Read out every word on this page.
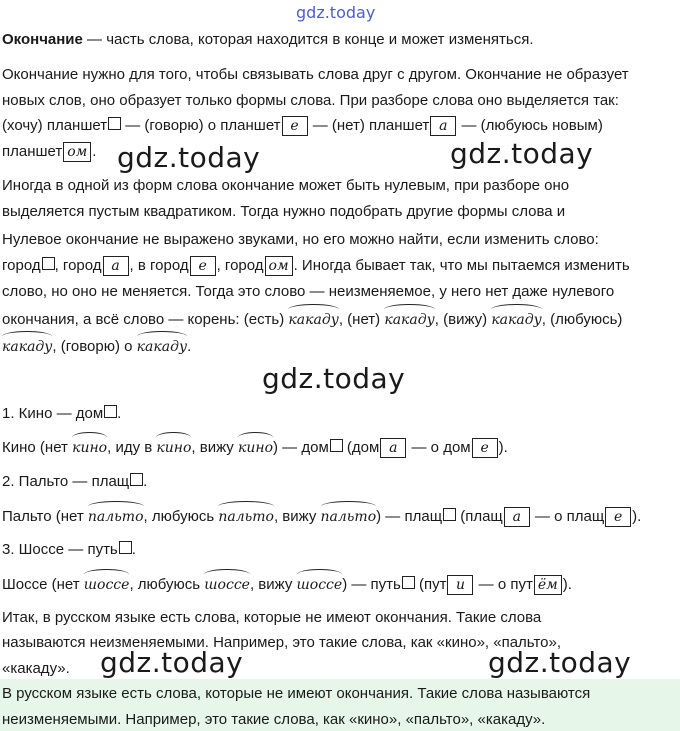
gdz.today
Окончание — часть слова, которая находится в конце и может изменяться.
Окончание нужно для того, чтобы связывать слова друг с другом. Окончание не образует
новых слов, оно образует только формы слова. При разборе слова оно выделяется так:
(хочу) планшет — (говорю) о планшет е — (нет) планшет а — (любуюсь новым)
планшет ом . gdz.today	gdz.today
Иногда в одной из форм слова окончание может быть нулевым, при разборе оно
выделяется пустым квадратиком. Тогда нужно подобрать другие формы слова и
Нулевое окончание не выражено звуками, но его можно найти, если изменить слово:
город , город а , в город е , город ом . Иногда бывает так, что мы пытаемся изменить
слово, но оно не меняется. Тогда это слово — неизменяемое, у него нет даже нулевого
окончания, а всё слово — корень: (есть) какаду, (нет) какаду, (вижу) какаду, (любуюсь)
какаду, (говорю) о какаду.
gdz.today
1. Кино — дом .
Кино (нет кино, иду в кино, вижу кино) — дом (дом а — о дом е ).
2. Пальто — плащ .
Пальто (нет пальто, любуюсь пальто, вижу пальто) — плащ (плащ а — о плащ е ).
3. Шоссе — путь .
Шоссе (нет шоссе, любуюсь шоссе, вижу шоссе) — путь (пут и — о пут ём ).
Итак, в русском языке есть слова, которые не имеют окончания. Такие слова
называются неизменяемыми. Например, это такие слова, как «кино», «пальто»,
«какаду».
В русском языке есть слова, которые не имеют окончания. Такие слова называются
неизменяемыми. Например, это такие слова, как «кино», «пальто», «какаду».
gdz.today	gdz.today
